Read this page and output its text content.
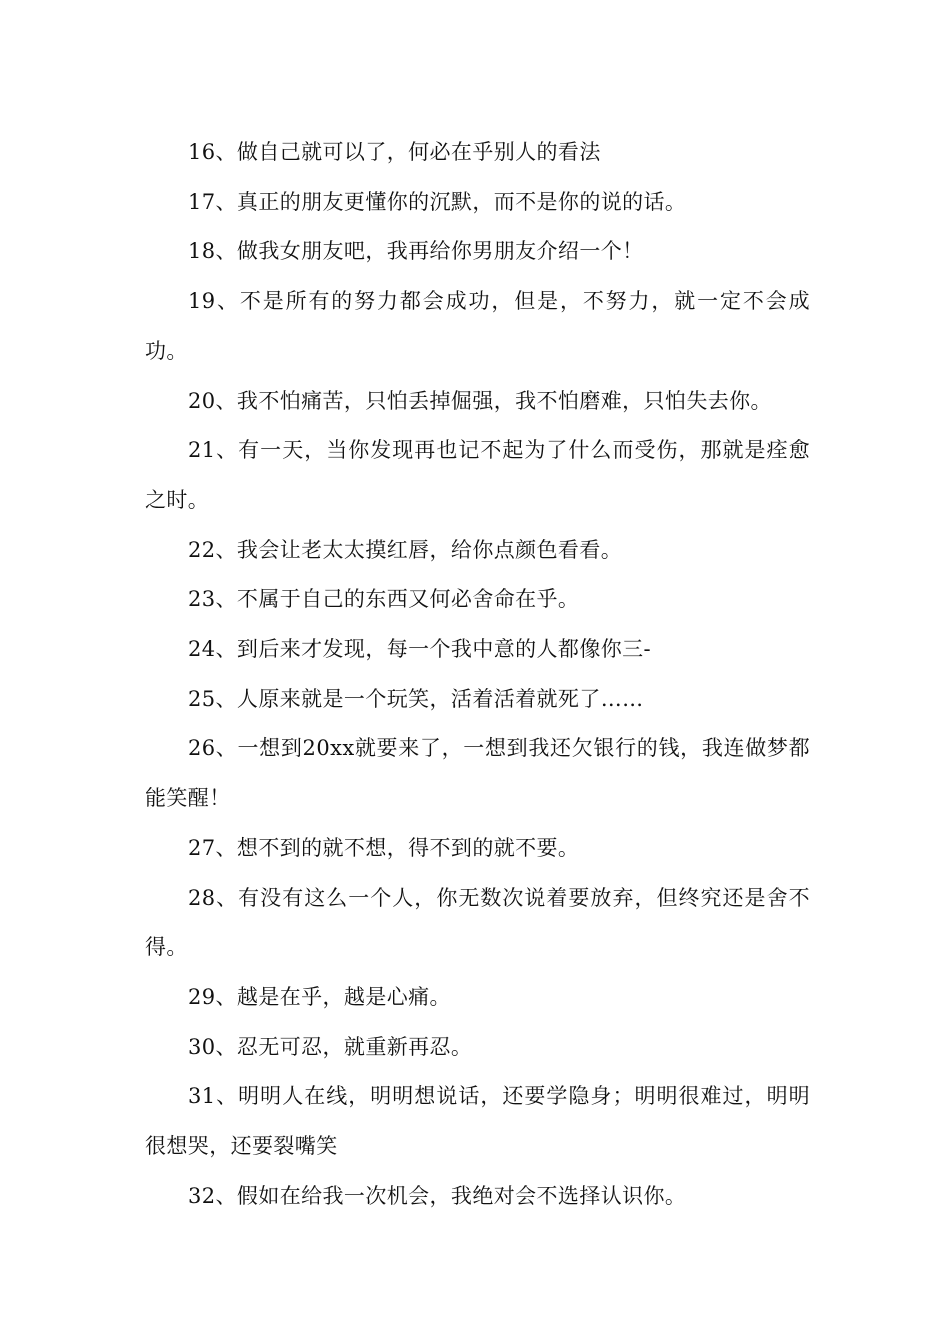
16、做自己就可以了，何必在乎别人的看法

17、真正的朋友更懂你的沉默，而不是你的说的话。

18、做我女朋友吧，我再给你男朋友介绍一个！

19、不是所有的努力都会成功，但是，不努力，就一定不会成功。

20、我不怕痛苦，只怕丢掉倔强，我不怕磨难，只怕失去你。

21、有一天，当你发现再也记不起为了什么而受伤，那就是痊愈之时。

22、我会让老太太摸红唇，给你点颜色看看。

23、不属于自己的东西又何必舍命在乎。

24、到后来才发现，每一个我中意的人都像你三-

25、人原来就是一个玩笑，活着活着就死了……

26、一想到20xx就要来了，一想到我还欠银行的钱，我连做梦都能笑醒！

27、想不到的就不想，得不到的就不要。

28、有没有这么一个人，你无数次说着要放弃，但终究还是舍不得。

29、越是在乎，越是心痛。

30、忍无可忍，就重新再忍。

31、明明人在线，明明想说话，还要学隐身；明明很难过，明明很想哭，还要裂嘴笑

32、假如在给我一次机会，我绝对会不选择认识你。
